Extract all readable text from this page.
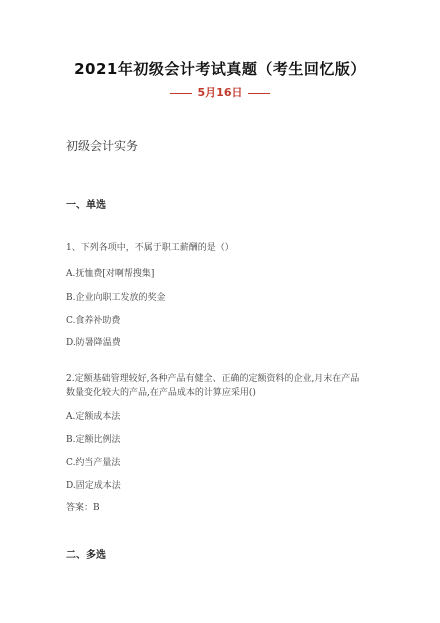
2021年初级会计考试真题（考生回忆版）
5月16日
初级会计实务
一、单选
1、下列各项中，不属于职工薪酬的是（）
A.抚恤费[对啊帮搜集]
B.企业向职工发放的奖金
C.食养补助费
D.防暑降温费
2.定额基础管理较好,各种产品有健全、正确的定额资料的企业,月末在产品数量变化较大的产品,在产品成本的计算应采用()
A.定额成本法
B.定额比例法
C.约当产量法
D.固定成本法
答案：B
二、多选
